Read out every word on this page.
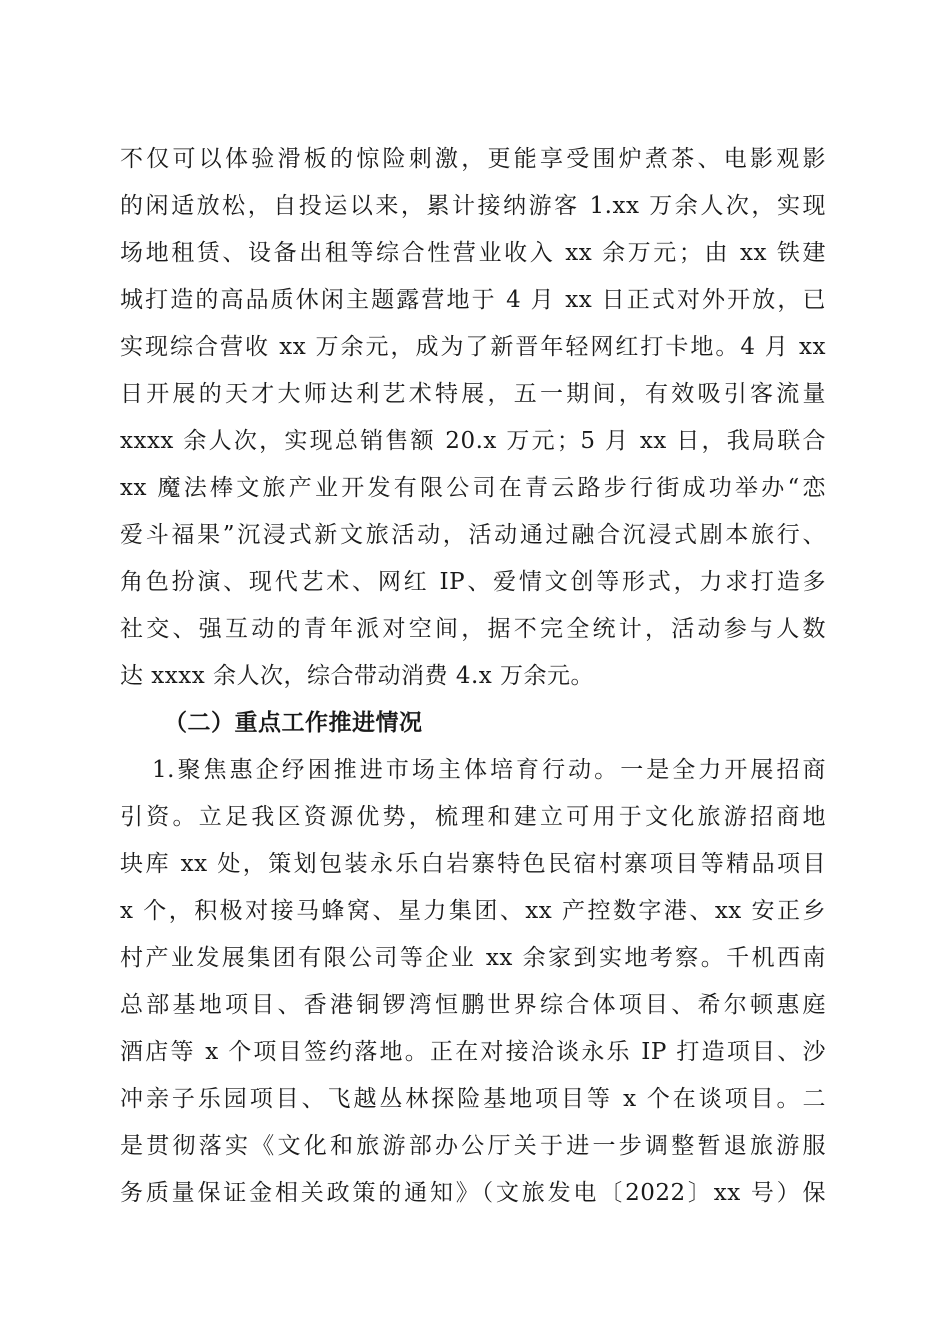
不仅可以体验滑板的惊险刺激，更能享受围炉煮茶、电影观影
的闲适放松，自投运以来，累计接纳游客 1.xx 万余人次，实现
场地租赁、设备出租等综合性营业收入 xx 余万元；由 xx 铁建
城打造的高品质休闲主题露营地于 4 月 xx 日正式对外开放，已
实现综合营收 xx 万余元，成为了新晋年轻网红打卡地。4 月 xx
日开展的天才大师达利艺术特展，五一期间，有效吸引客流量
xxxx 余人次，实现总销售额 20.x 万元；5 月 xx 日，我局联合
xx 魔法棒文旅产业开发有限公司在青云路步行街成功举办“恋
爱斗福果”沉浸式新文旅活动，活动通过融合沉浸式剧本旅行、
角色扮演、现代艺术、网红 IP、爱情文创等形式，力求打造多
社交、强互动的青年派对空间，据不完全统计，活动参与人数
达 xxxx 余人次，综合带动消费 4.x 万余元。
（二）重点工作推进情况
1.聚焦惠企纾困推进市场主体培育行动。一是全力开展招商
引资。立足我区资源优势，梳理和建立可用于文化旅游招商地
块库 xx 处，策划包装永乐白岩寨特色民宿村寨项目等精品项目
x 个，积极对接马蜂窝、星力集团、xx 产控数字港、xx 安正乡
村产业发展集团有限公司等企业 xx 余家到实地考察。千机西南
总部基地项目、香港铜锣湾恒鹏世界综合体项目、希尔顿惠庭
酒店等 x 个项目签约落地。正在对接洽谈永乐 IP 打造项目、沙
冲亲子乐园项目、飞越丛林探险基地项目等 x 个在谈项目。二
是贯彻落实《文化和旅游部办公厅关于进一步调整暂退旅游服
务质量保证金相关政策的通知》（文旅发电〔2022〕xx 号）保
